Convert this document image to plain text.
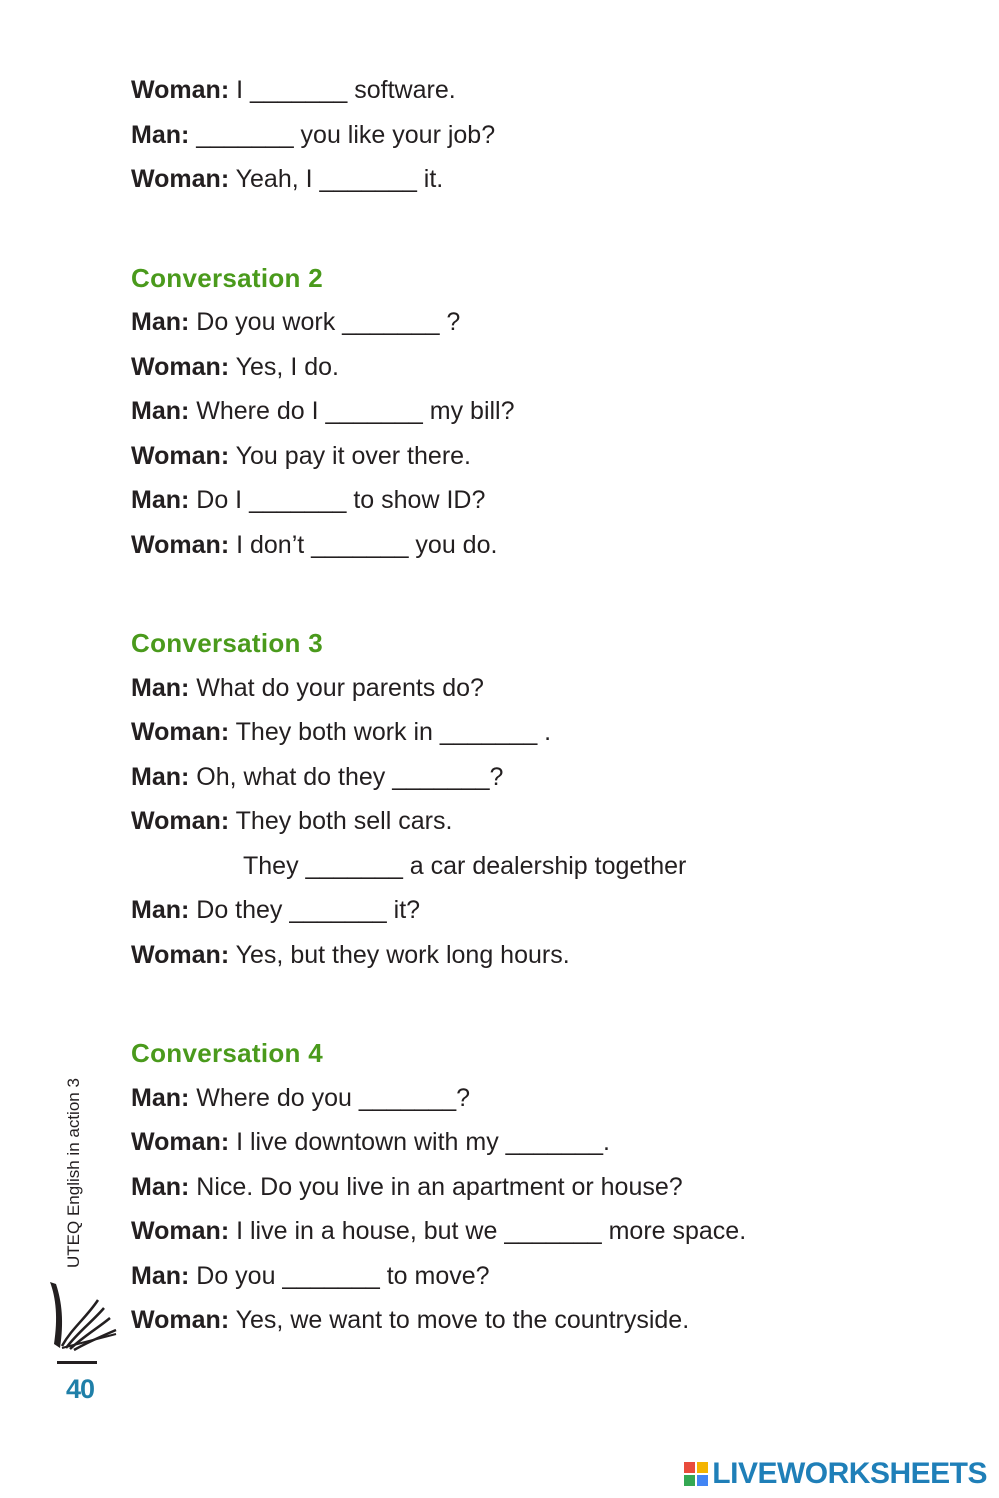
Woman: I _______ software.
Man: _______ you like your job?
Woman: Yeah, I _______ it.
Conversation 2
Man: Do you work _______ ?
Woman: Yes, I do.
Man: Where do I _______ my bill?
Woman: You pay it over there.
Man: Do I _______ to show ID?
Woman: I don’t _______ you do.
Conversation 3
Man: What do your parents do?
Woman: They both work in _______ .
Man: Oh, what do they _______?
Woman: They both sell cars.
They _______ a car dealership together
Man: Do they _______ it?
Woman: Yes, but they work long hours.
Conversation 4
Man: Where do you _______?
Woman: I live downtown with my _______.
Man: Nice. Do you live in an apartment or house?
Woman: I live in a house, but we _______ more space.
Man: Do you _______ to move?
Woman: Yes, we want to move to the countryside.
UTEQ English in action 3
40
LIVEWORKSHEETS
